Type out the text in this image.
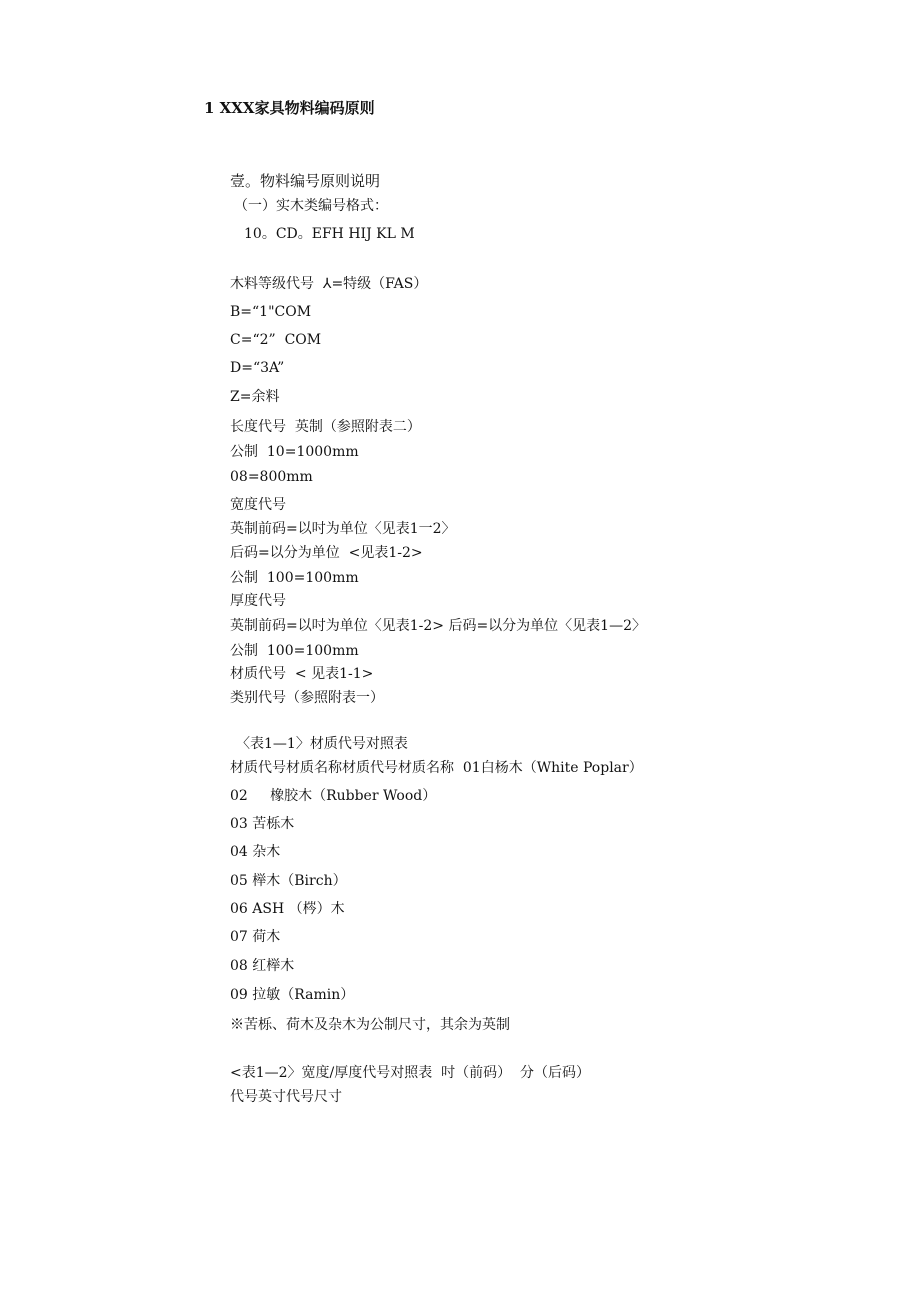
1 XXX家具物料编码原则
壹。物料编号原则说明
（一）实木类编号格式：
10。CD。EFH HIJ KL M
木料等级代号  ⅄=特级（FAS）
B=“1"COM
C=“2”  COM
D=“3A”
Z=余料
长度代号  英制（参照附表二）
公制  10=1000mm
08=800mm
宽度代号
英制前码=以吋为单位〈见表1一2〉
后码=以分为单位  <见表1-2>
公制  100=100mm
厚度代号
英制前码=以吋为单位〈见表1-2> 后码=以分为单位〈见表1—2〉
公制  100=100mm
材质代号  < 见表1-1>
类别代号（参照附表一）
〈表1—1〉材质代号对照表
材质代号材质名称材质代号材质名称  01白杨木（White Poplar）
02     橡胶木（Rubber Wood）
03 苦栎木
04 杂木
05 榉木（Birch）
06 ASH （梣）木
07 荷木
08 红榉木
09 拉敏（Ramin）
※苦栎、荷木及杂木为公制尺寸，其余为英制
<表1—2〉宽度/厚度代号对照表  吋（前码）  分（后码）
代号英寸代号尺寸
